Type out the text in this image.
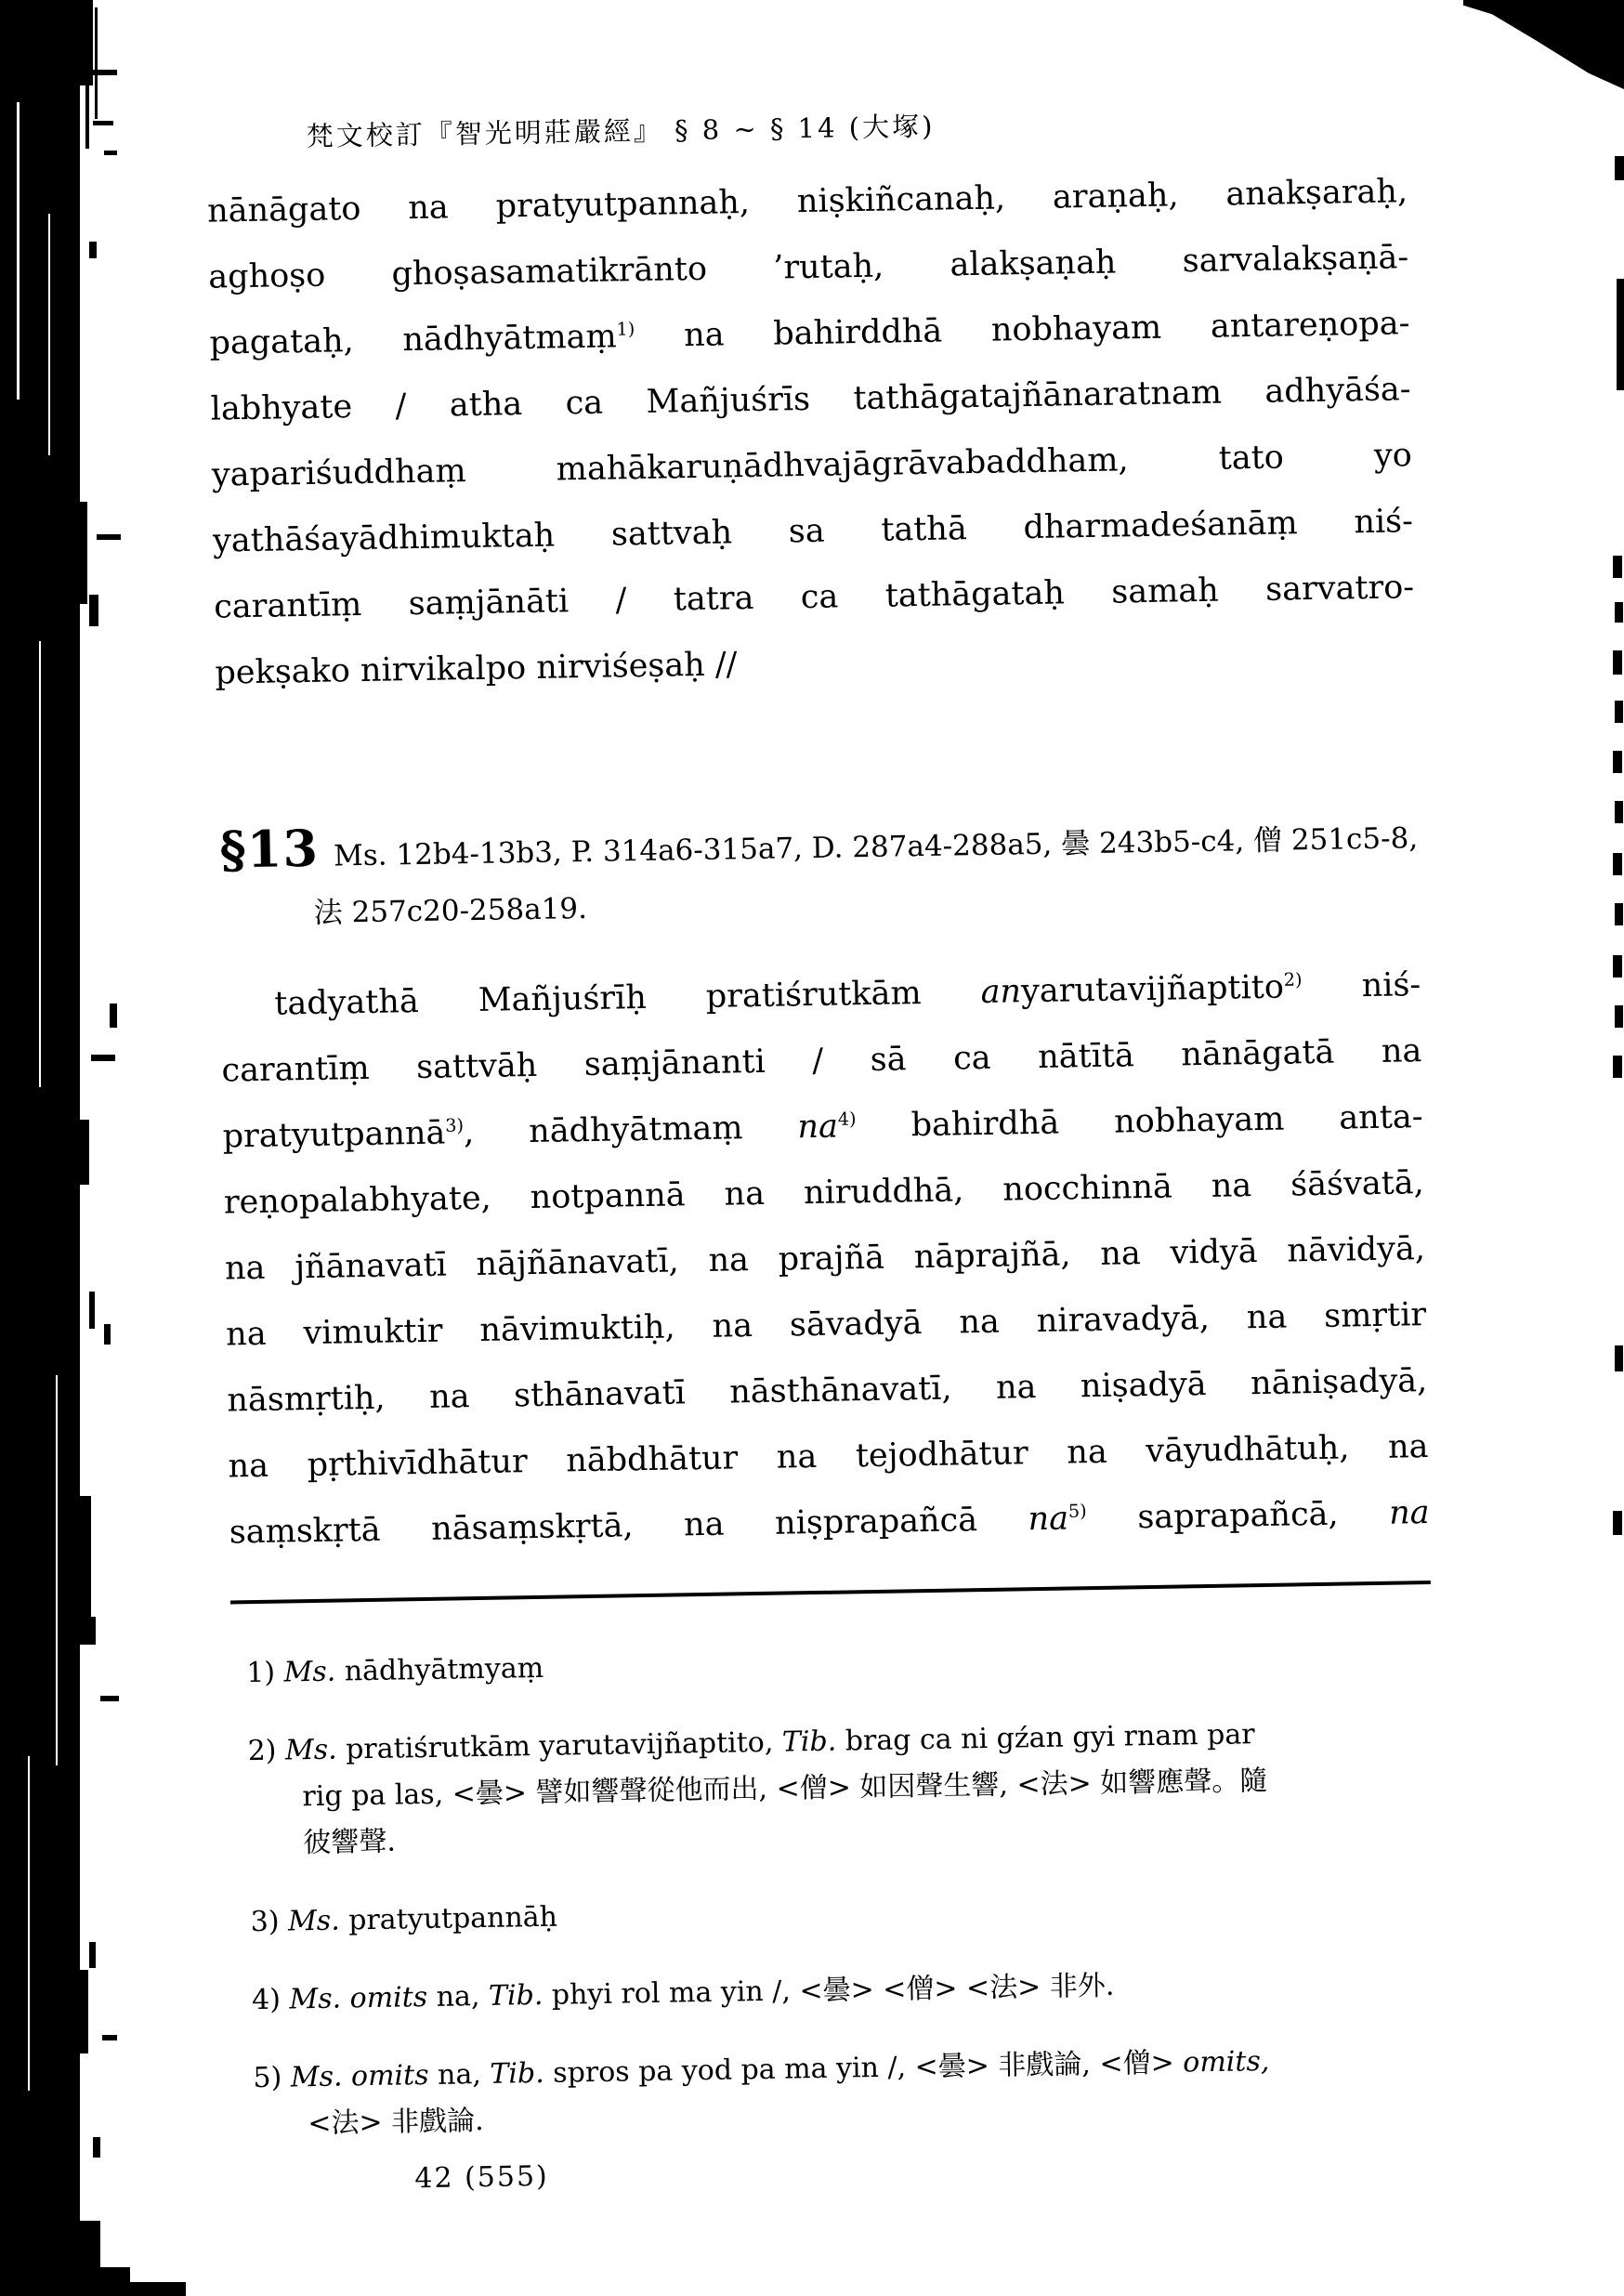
梵文校訂『智光明莊嚴經』 § 8 ~ § 14 (大塚)
nānāgato na pratyutpannaḥ, niṣkiñcanaḥ, araṇaḥ, anakṣaraḥ,
aghoṣo ghoṣasamatikrānto ’rutaḥ, alakṣaṇaḥ sarvalakṣaṇā-
pagataḥ, nādhyātmaṃ$^{1)}$ na bahirddhā nobhayam antareṇopa-
labhyate / atha ca Mañjuśrīs tathāgatajñānaratnam adhyāśa-
yapariśuddhaṃ mahākaruṇādhvajāgrāvabaddham, tato yo
yathāśayādhimuktaḥ sattvaḥ sa tathā dharmadeśanāṃ niś-
carantīṃ saṃjānāti / tatra ca tathāgataḥ samaḥ sarvatro-
pekṣako nirvikalpo nirviśeṣaḥ //
§13 Ms. 12b4-13b3, P. 314a6-315a7, D. 287a4-288a5, 曇 243b5-c4, 僧 251c5-8,
法 257c20-258a19.
tadyathā Mañjuśrīḥ pratiśrutkām anyarutavijñaptito$^{2)}$ niś-
carantīṃ sattvāḥ saṃjānanti / sā ca nātītā nānāgatā na
pratyutpannā$^{3)}$, nādhyātmaṃ $na^{4)}$ bahirdhā nobhayam anta-
reṇopalabhyate, notpannā na niruddhā, nocchinnā na śāśvatā,
na jñānavatī nājñānavatī, na prajñā nāprajñā, na vidyā nāvidyā,
na vimuktir nāvimuktiḥ, na sāvadyā na niravadyā, na smṛtir
nāsmṛtiḥ, na sthānavatī nāsthānavatī, na niṣadyā nāniṣadyā,
na pṛthivīdhātur nābdhātur na tejodhātur na vāyudhātuḥ, na
saṃskṛtā nāsaṃskṛtā, na niṣprapañcā $na^{5)}$ saprapañcā, na
1) Ms. nādhyātmyaṃ
2) Ms. pratiśrutkām yarutavijñaptito, Tib. brag ca ni gźan gyi rnam par
rig pa las, <曇> 譬如響聲從他而出, <僧> 如因聲生響, <法> 如響應聲。隨
彼響聲.
3) Ms. pratyutpannāḥ
4) Ms. omits na, Tib. phyi rol ma yin /, <曇> <僧> <法> 非外.
5) Ms. omits na, Tib. spros pa yod pa ma yin /, <曇> 非戲論, <僧> omits,
<法> 非戲論.
42 (555)
